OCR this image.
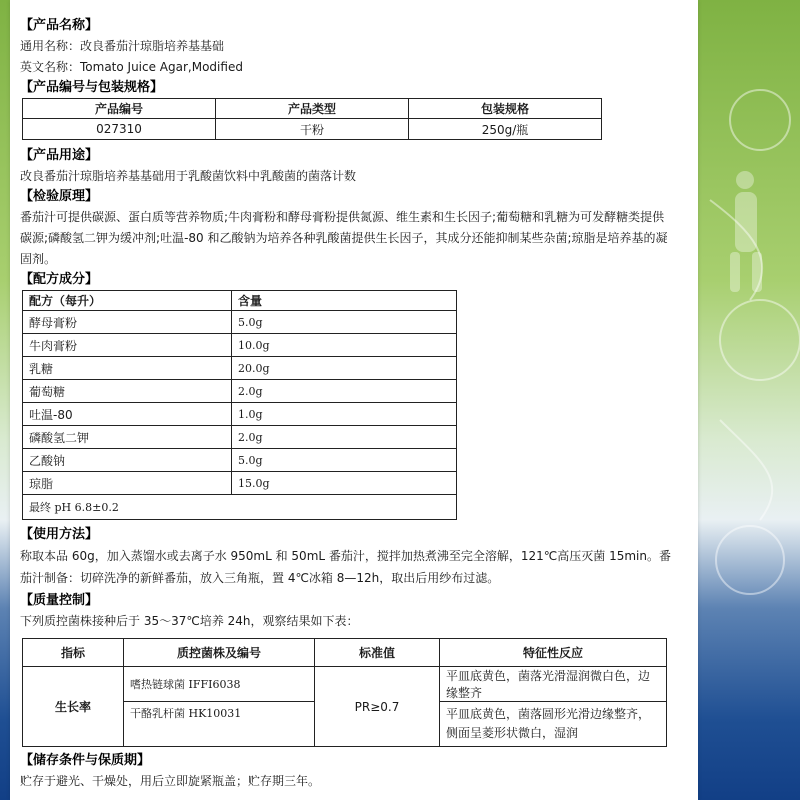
【产品名称】
通用名称：改良番茄汁琼脂培养基基础
英文名称：Tomato Juice Agar,Modified
【产品编号与包装规格】
产品编号	产品类型	包装规格
027310	干粉	250g/瓶
【产品用途】
改良番茄汁琼脂培养基基础用于乳酸菌饮料中乳酸菌的菌落计数
【检验原理】
番茄汁可提供碳源、蛋白质等营养物质;牛肉膏粉和酵母膏粉提供氮源、维生素和生长因子;葡萄糖和乳糖为可发酵糖类提供碳源;磷酸氢二钾为缓冲剂;吐温-80 和乙酸钠为培养各种乳酸菌提供生长因子，其成分还能抑制某些杂菌;琼脂是培养基的凝固剂。
【配方成分】
配方（每升）	含量
酵母膏粉	5.0g
牛肉膏粉	10.0g
乳糖	20.0g
葡萄糖	2.0g
吐温-80	1.0g
磷酸氢二钾	2.0g
乙酸钠	5.0g
琼脂	15.0g
最终 pH 6.8±0.2	
【使用方法】
称取本品 60g，加入蒸馏水或去离子水 950mL 和 50mL 番茄汁，搅拌加热煮沸至完全溶解，121℃高压灭菌 15min。番茄汁制备：切碎洗净的新鲜番茄，放入三角瓶，置 4℃冰箱 8—12h，取出后用纱布过滤。
【质量控制】
下列质控菌株接种后于 35～37℃培养 24h，观察结果如下表：
指标	质控菌株及编号	标准值	特征性反应
生长率	嗜热链球菌 IFFI6038	PR≥0.7	平皿底黄色，菌落光滑湿润微白色，边缘整齐
	干酪乳杆菌 HK10031		平皿底黄色，菌落圆形光滑边缘整齐，侧面呈菱形状微白，湿润
【储存条件与保质期】
贮存于避光、干燥处，用后立即旋紧瓶盖；贮存期三年。
